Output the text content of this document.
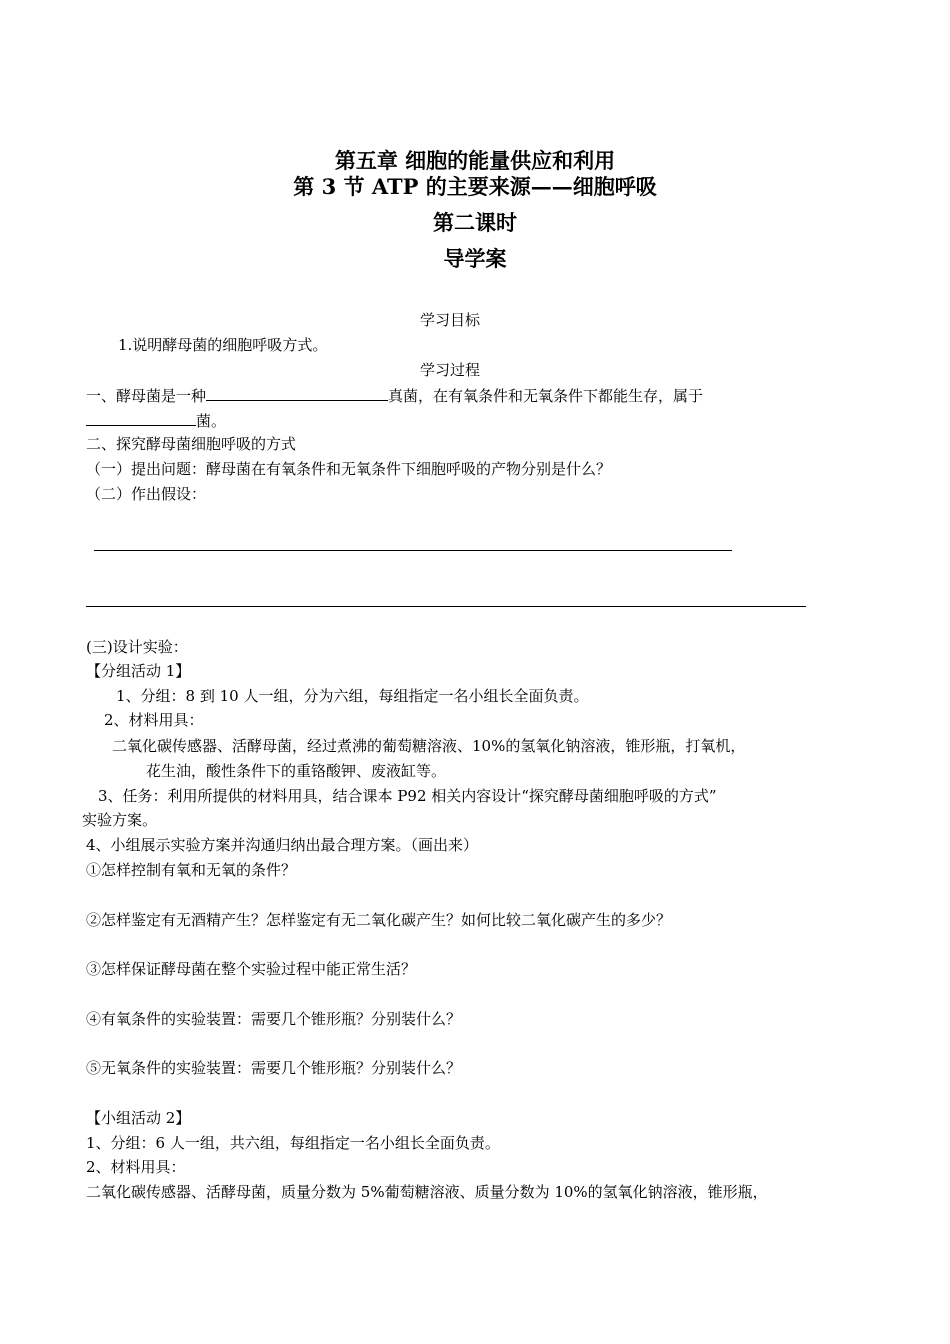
第五章 细胞的能量供应和利用
第 3 节 ATP 的主要来源——细胞呼吸
第二课时
导学案
学习目标
1.说明酵母菌的细胞呼吸方式。
学习过程
一、酵母菌是一种	真菌，在有氧条件和无氧条件下都能生存，属于
菌。
二、探究酵母菌细胞呼吸的方式
（一）提出问题：酵母菌在有氧条件和无氧条件下细胞呼吸的产物分别是什么？
（二）作出假设：
(三)设计实验：
【分组活动 1】
1、分组：8 到 10 人一组，分为六组，每组指定一名小组长全面负责。
2、材料用具：
二氧化碳传感器、活酵母菌，经过煮沸的葡萄糖溶液、10%的氢氧化钠溶液，锥形瓶，打氧机，
花生油，酸性条件下的重铬酸钾、废液缸等。
3、任务：利用所提供的材料用具，结合课本 P92 相关内容设计“探究酵母菌细胞呼吸的方式”
实验方案。
4、小组展示实验方案并沟通归纳出最合理方案。（画出来）
①怎样控制有氧和无氧的条件？
②怎样鉴定有无酒精产生？怎样鉴定有无二氧化碳产生？如何比较二氧化碳产生的多少？
③怎样保证酵母菌在整个实验过程中能正常生活？
④有氧条件的实验装置：需要几个锥形瓶？分别装什么？
⑤无氧条件的实验装置：需要几个锥形瓶？分别装什么？
【小组活动 2】
1、分组：6 人一组，共六组，每组指定一名小组长全面负责。
2、材料用具：
二氧化碳传感器、活酵母菌，质量分数为 5%葡萄糖溶液、质量分数为 10%的氢氧化钠溶液，锥形瓶，
